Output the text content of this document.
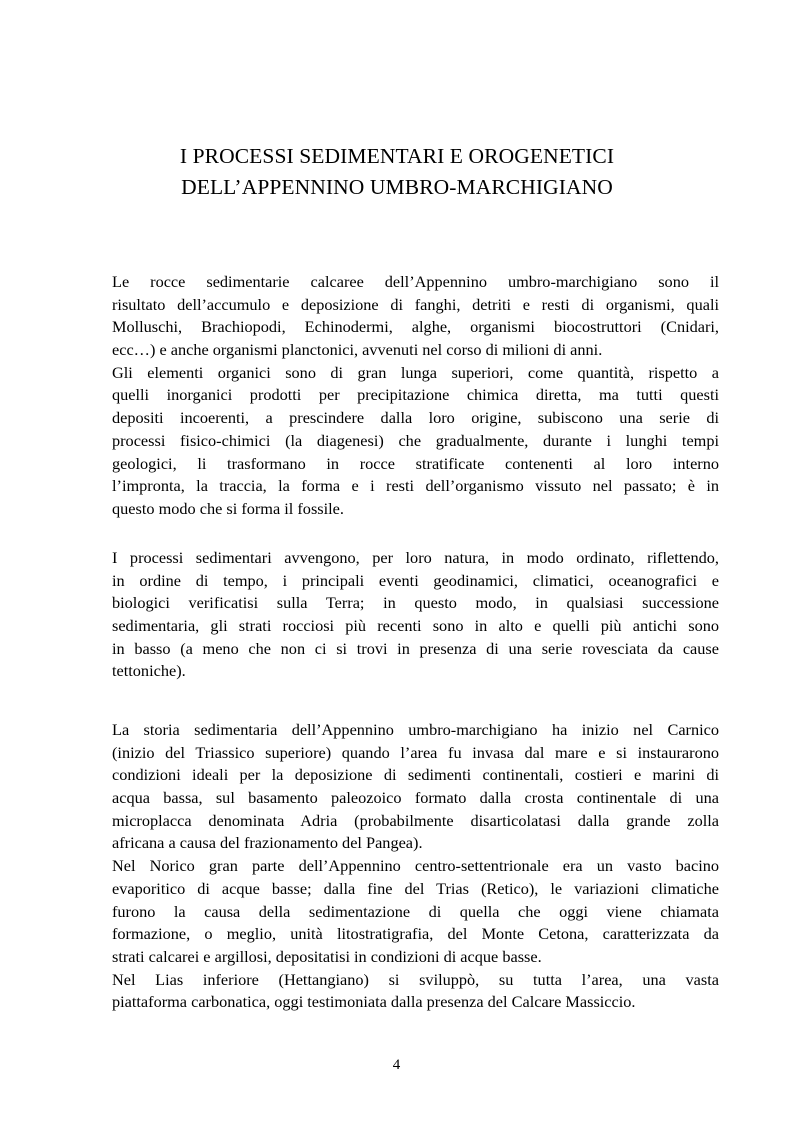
I PROCESSI SEDIMENTARI E OROGENETICI
DELL’APPENNINO UMBRO-MARCHIGIANO

Le rocce sedimentarie calcaree dell’Appennino umbro-marchigiano sono il
risultato dell’accumulo e deposizione di fanghi, detriti e resti di organismi, quali
Molluschi, Brachiopodi, Echinodermi, alghe, organismi biocostruttori (Cnidari,
ecc…) e anche organismi planctonici, avvenuti nel corso di milioni di anni.

Gli elementi organici sono di gran lunga superiori, come quantità, rispetto a
quelli inorganici prodotti per precipitazione chimica diretta, ma tutti questi
depositi incoerenti, a prescindere dalla loro origine, subiscono una serie di
processi fisico-chimici (la diagenesi) che gradualmente, durante i lunghi tempi
geologici, li trasformano in rocce stratificate contenenti al loro interno
l’impronta, la traccia, la forma e i resti dell’organismo vissuto nel passato; è in
questo modo che si forma il fossile.

I processi sedimentari avvengono, per loro natura, in modo ordinato, riflettendo,
in ordine di tempo, i principali eventi geodinamici, climatici, oceanografici e
biologici verificatisi sulla Terra; in questo modo, in qualsiasi successione
sedimentaria, gli strati rocciosi più recenti sono in alto e quelli più antichi sono
in basso (a meno che non ci si trovi in presenza di una serie rovesciata da cause
tettoniche).

La storia sedimentaria dell’Appennino umbro-marchigiano ha inizio nel Carnico
(inizio del Triassico superiore) quando l’area fu invasa dal mare e si instaurarono
condizioni ideali per la deposizione di sedimenti continentali, costieri e marini di
acqua bassa, sul basamento paleozoico formato dalla crosta continentale di una
microplacca denominata Adria (probabilmente disarticolatasi dalla grande zolla
africana a causa del frazionamento del Pangea).

Nel Norico gran parte dell’Appennino centro-settentrionale era un vasto bacino
evaporitico di acque basse; dalla fine del Trias (Retico), le variazioni climatiche
furono la causa della sedimentazione di quella che oggi viene chiamata
formazione, o meglio, unità litostratigrafia, del Monte Cetona, caratterizzata da
strati calcarei e argillosi, depositatisi in condizioni di acque basse.

Nel Lias inferiore (Hettangiano) si sviluppò, su tutta l’area, una vasta
piattaforma carbonatica, oggi testimoniata dalla presenza del Calcare Massiccio.

4
